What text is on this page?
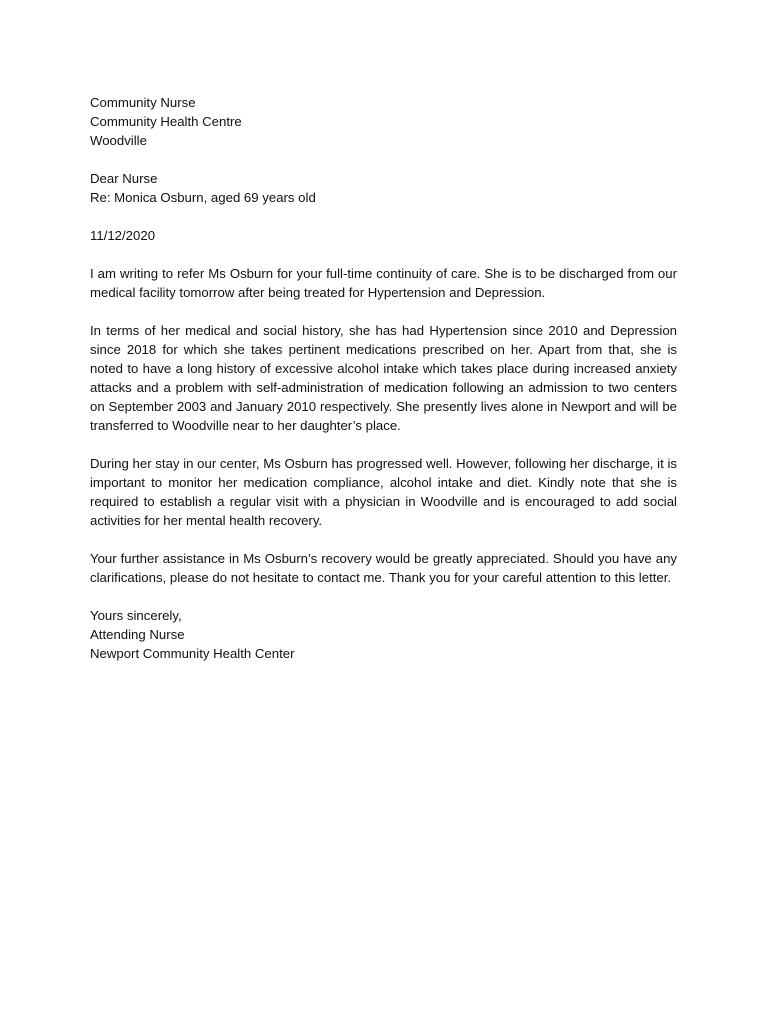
Community Nurse
Community Health Centre
Woodville
Dear Nurse
Re: Monica Osburn, aged 69 years old
11/12/2020

I am writing to refer Ms Osburn for your full-time continuity of care. She is to be discharged from our medical facility tomorrow after being treated for Hypertension and Depression.

In terms of her medical and social history, she has had Hypertension since 2010 and Depression since 2018 for which she takes pertinent medications prescribed on her. Apart from that, she is noted to have a long history of excessive alcohol intake which takes place during increased anxiety attacks and a problem with self-administration of medication following an admission to two centers on September 2003 and January 2010 respectively. She presently lives alone in Newport and will be transferred to Woodville near to her daughter’s place.

During her stay in our center, Ms Osburn has progressed well. However, following her discharge, it is important to monitor her medication compliance, alcohol intake and diet. Kindly note that she is required to establish a regular visit with a physician in Woodville and is encouraged to add social activities for her mental health recovery.

Your further assistance in Ms Osburn’s recovery would be greatly appreciated. Should you have any clarifications, please do not hesitate to contact me. Thank you for your careful attention to this letter.

Yours sincerely,
Attending Nurse
Newport Community Health Center
